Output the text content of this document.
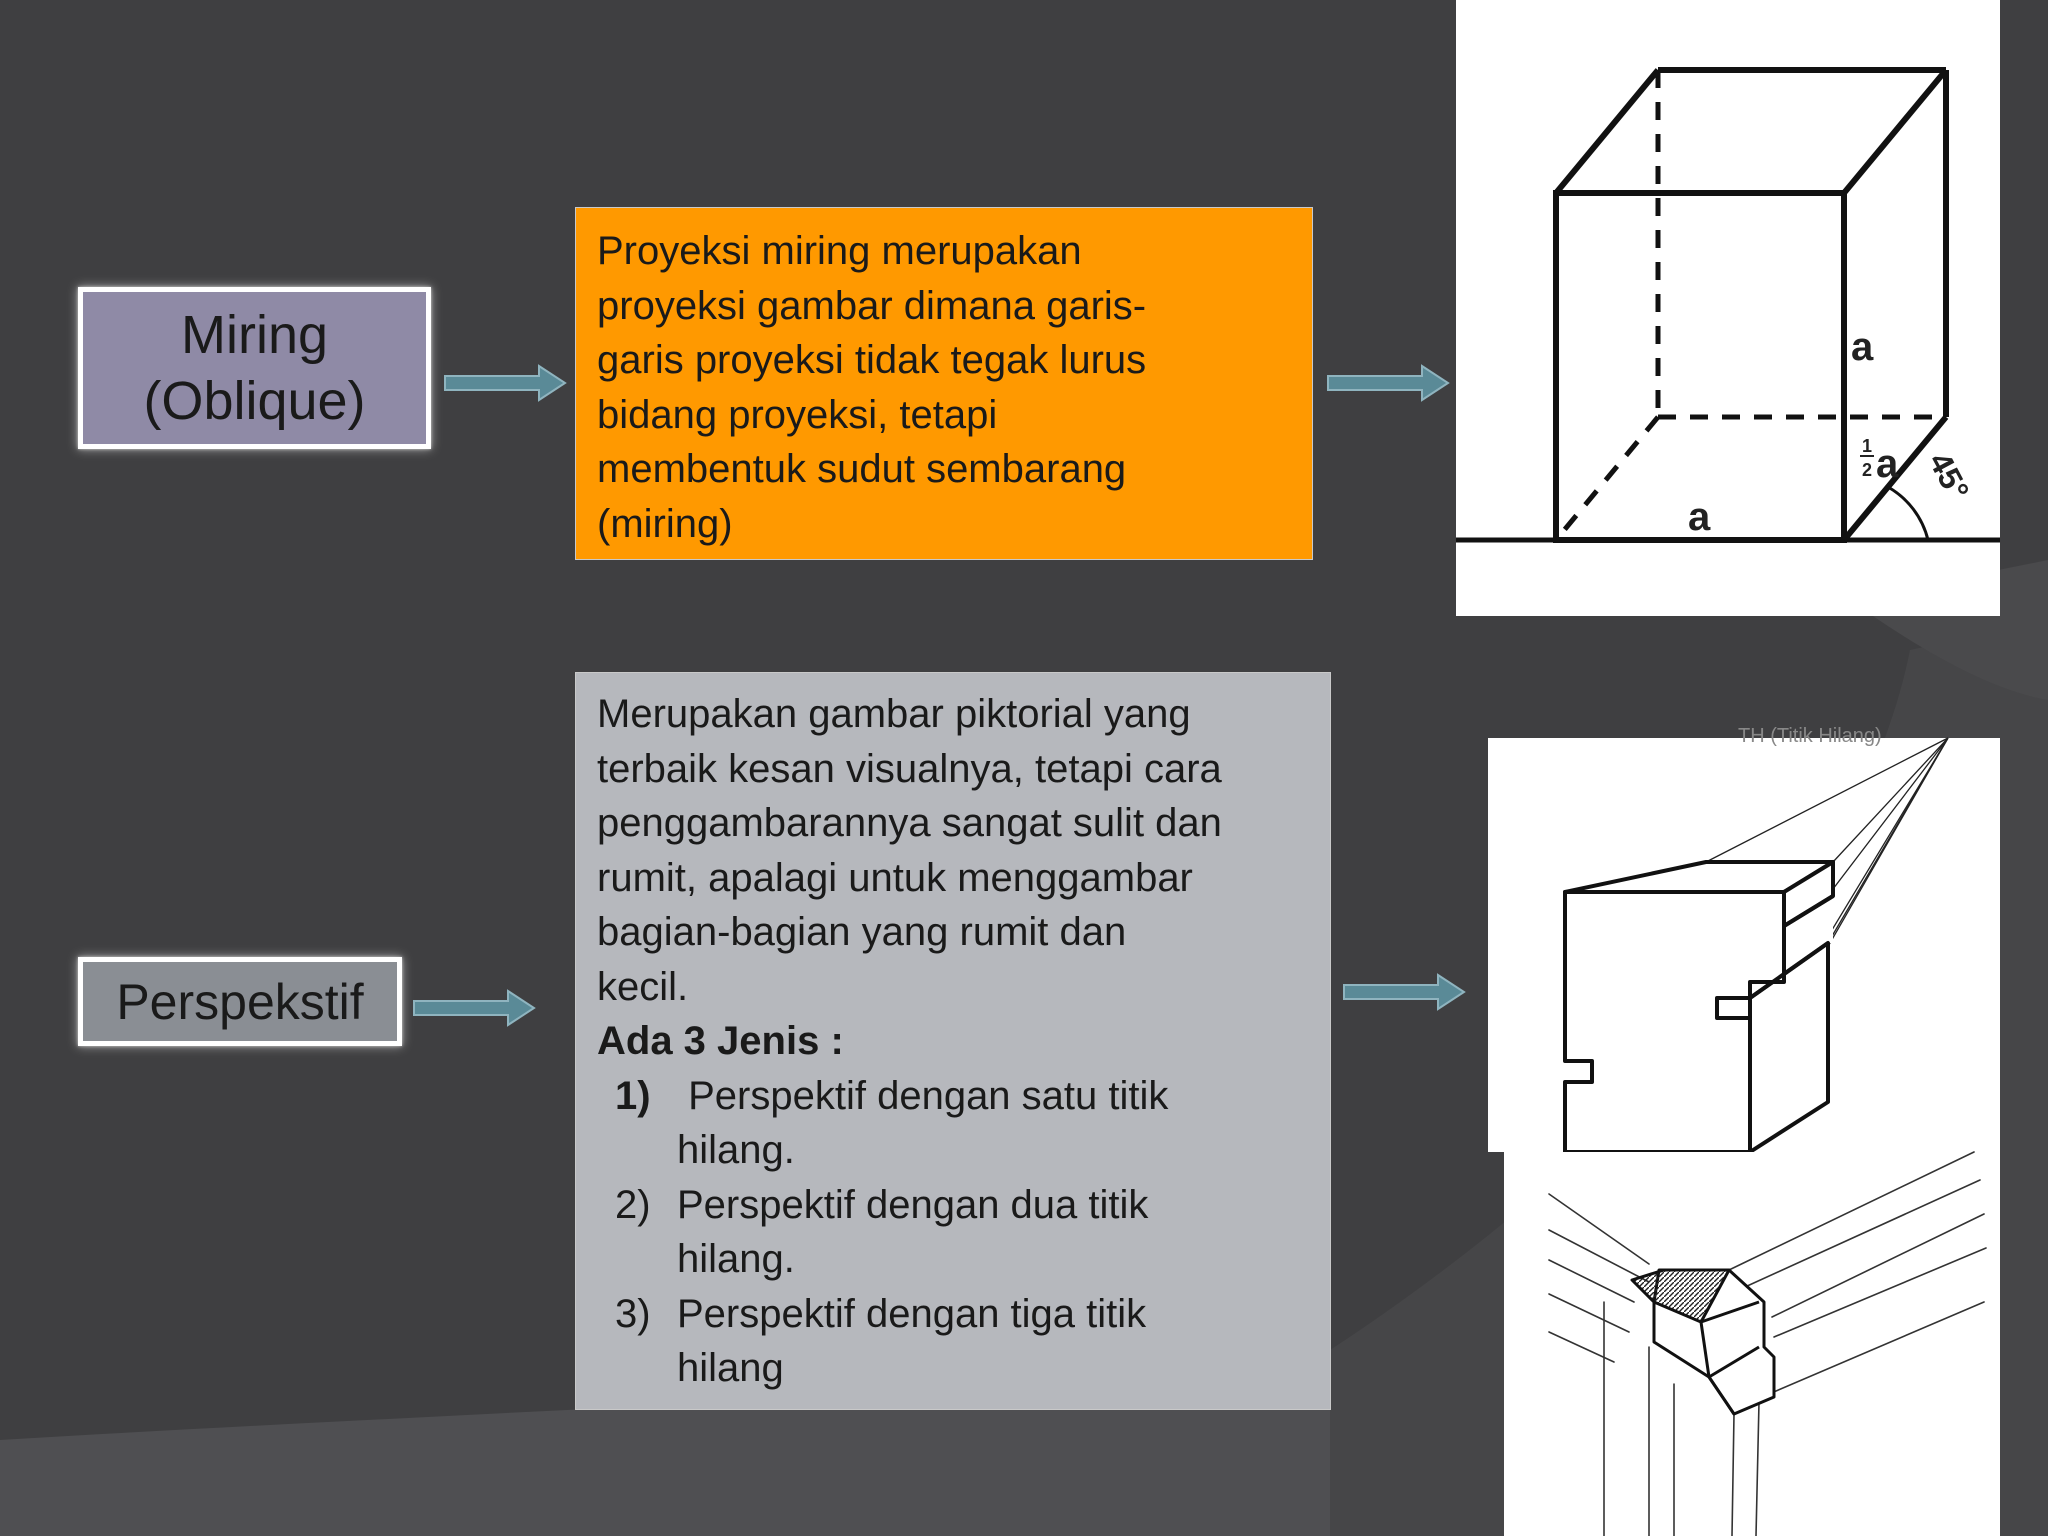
Miring
(Oblique)

Proyeksi miring merupakan

proyeksi gambar dimana garis-

garis proyeksi tidak tegak lurus

bidang proyeksi, tetapi

membentuk sudut sembarang

(miring)

a
a
1
2 a 45°
Perspekstif

Merupakan gambar piktorial yang

terbaik kesan visualnya, tetapi cara

penggambarannya sangat sulit dan

rumit, apalagi untuk menggambar

bagian-bagian yang rumit dan

kecil.

Ada 3 Jenis :

1) Perspektif dengan satu titik
hilang.
2) Perspektif dengan dua titik
hilang.
3) Perspektif dengan tiga titik
hilang
TH (Titik Hilang)
